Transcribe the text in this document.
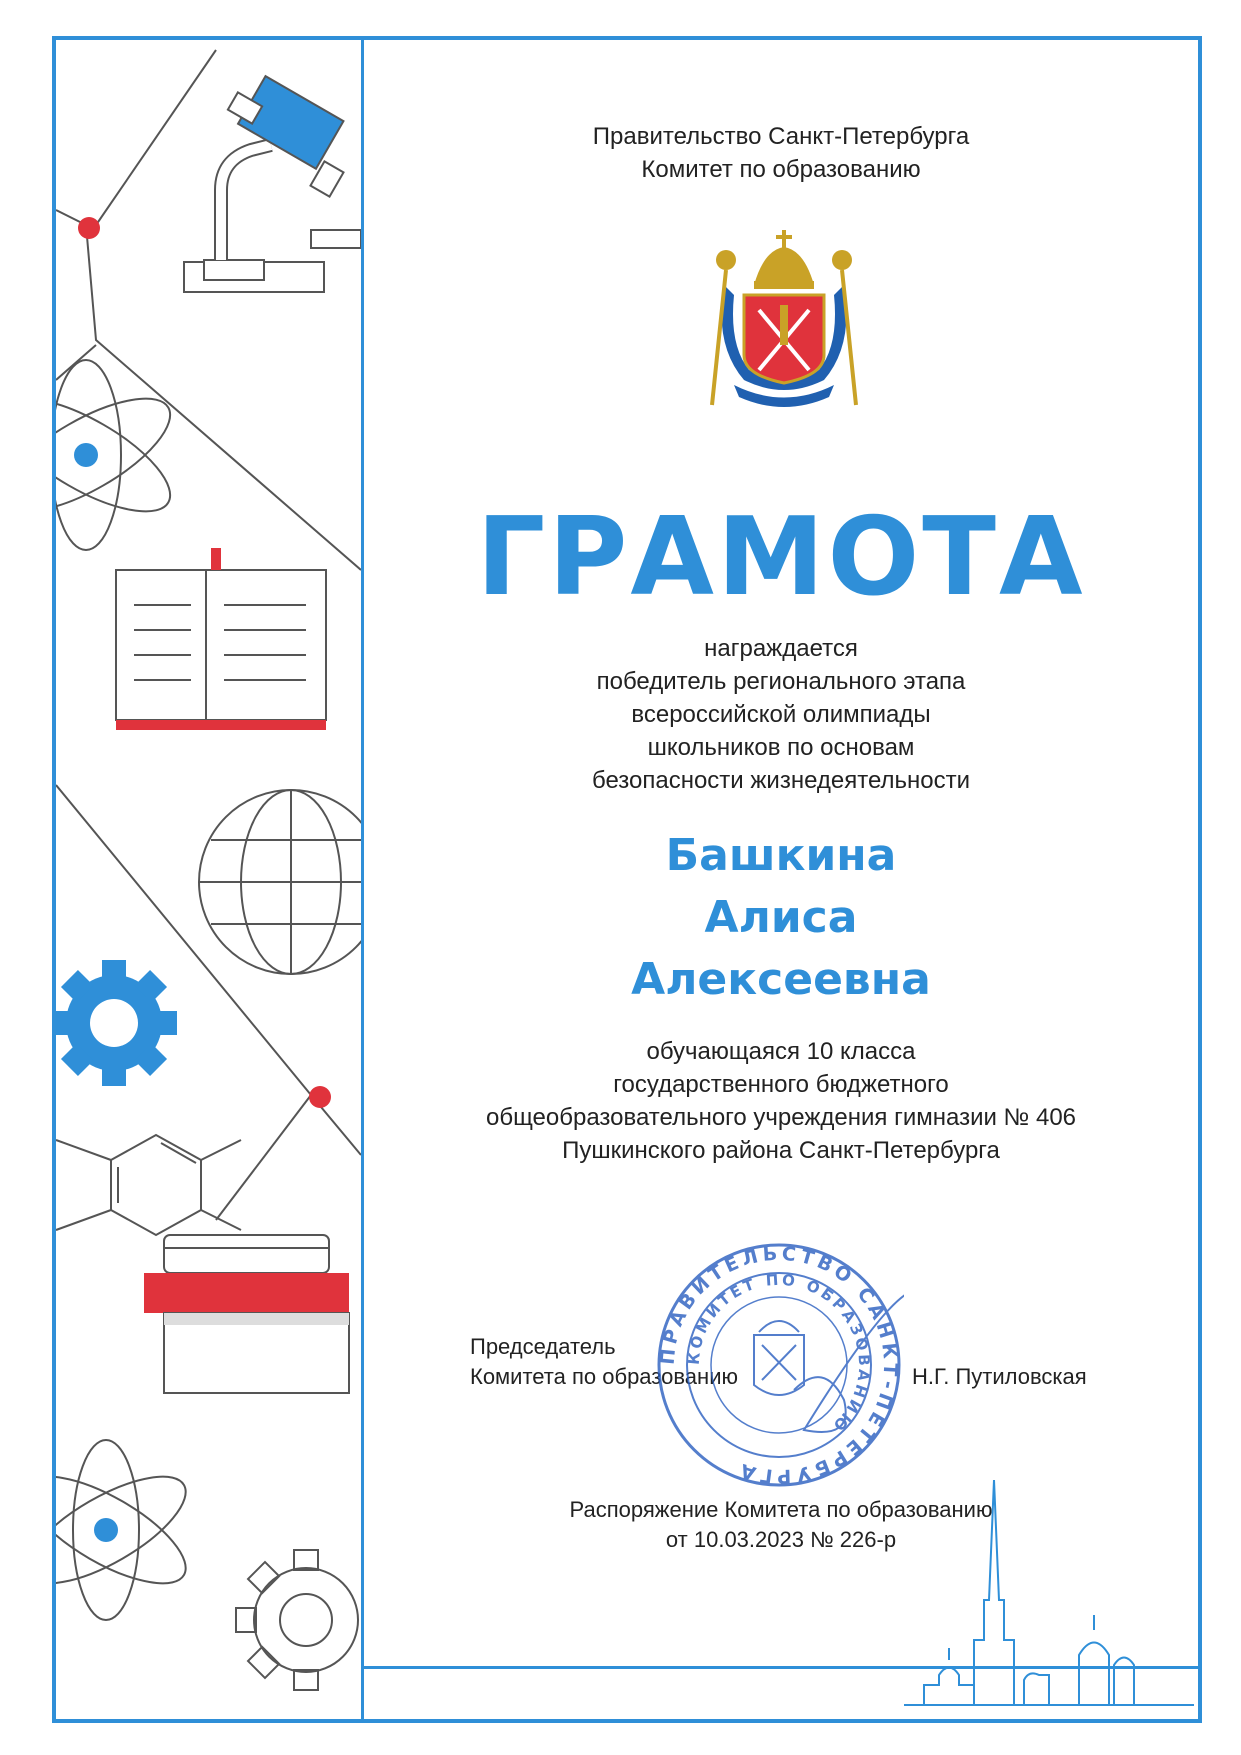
Правительство Санкт-Петербурга
Комитет по образованию
ГРАМОТА
награждается
победитель регионального этапа
всероссийской олимпиады
школьников по основам
безопасности жизнедеятельности
Башкина
Алиса
Алексеевна
обучающаяся 10 класса
государственного бюджетного
общеобразовательного учреждения гимназии № 406
Пушкинского района Санкт-Петербурга
Председатель
Комитета по образованию	Н.Г. Путиловская
ПРАВИТЕЛЬСТВО САНКТ-ПЕТЕРБУРГА
КОМИТЕТ ПО ОБРАЗОВАНИЮ
Распоряжение Комитета по образованию
от 10.03.2023 № 226-р
